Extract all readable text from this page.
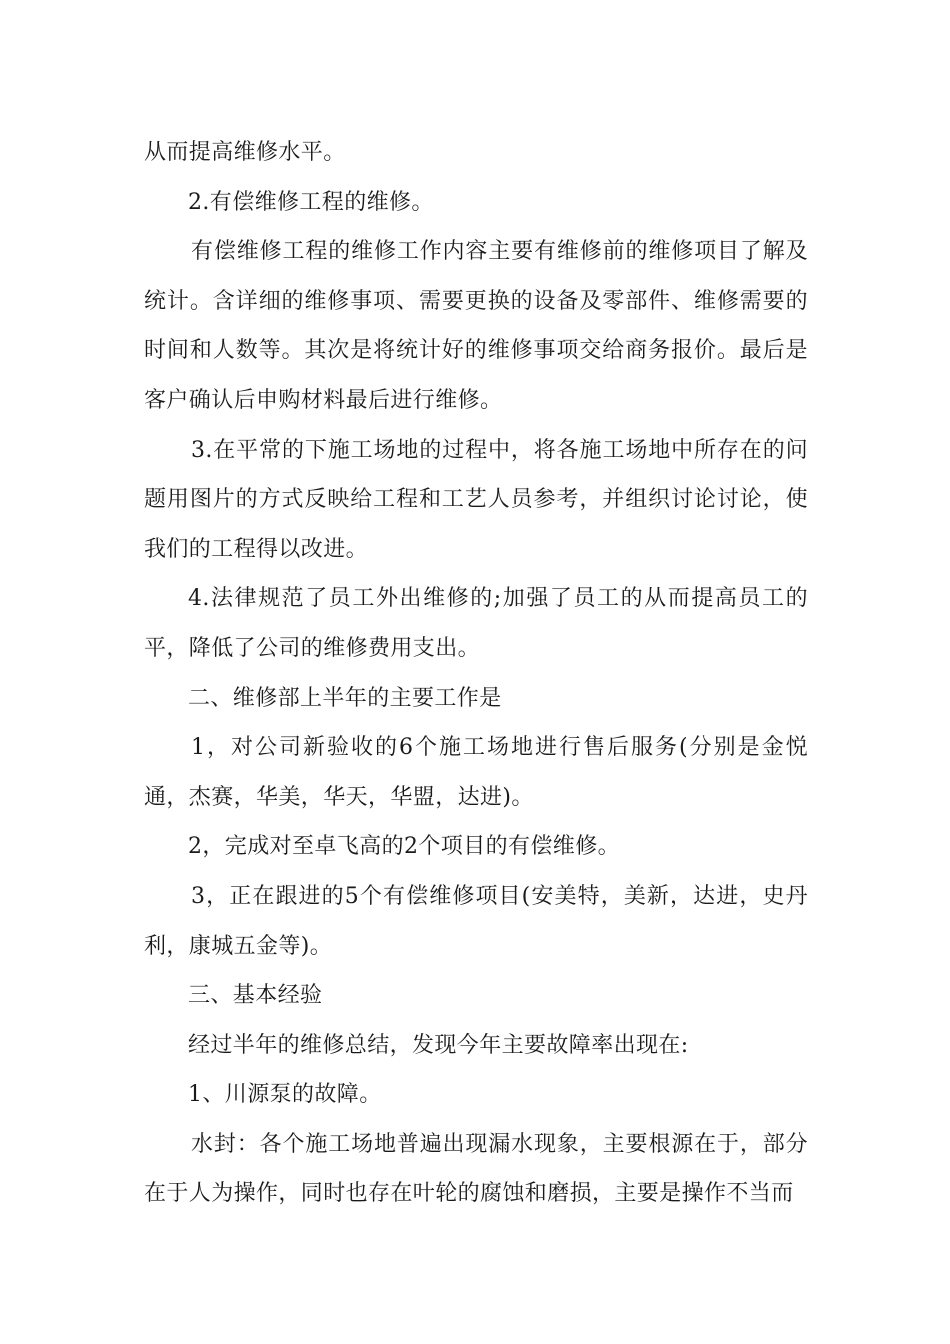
从而提高维修水平。

2.有偿维修工程的维修。

有偿维修工程的维修工作内容主要有维修前的维修项目了解及统计。含详细的维修事项、需要更换的设备及零部件、维修需要的时间和人数等。其次是将统计好的维修事项交给商务报价。最后是客户确认后申购材料最后进行维修。

3.在平常的下施工场地的过程中，将各施工场地中所存在的问题用图片的方式反映给工程和工艺人员参考，并组织讨论讨论，使我们的工程得以改进。

4.法律规范了员工外出维修的;加强了员工的从而提高员工的平，降低了公司的维修费用支出。

二、维修部上半年的主要工作是

1，对公司新验收的6个施工场地进行售后服务(分别是金悦通，杰赛，华美，华天，华盟，达进)。

2，完成对至卓飞高的2个项目的有偿维修。

3，正在跟进的5个有偿维修项目(安美特，美新，达进，史丹利，康城五金等)。

三、基本经验

经过半年的维修总结，发现今年主要故障率出现在:

1、川源泵的故障。

水封：各个施工场地普遍出现漏水现象，主要根源在于，部分在于人为操作，同时也存在叶轮的腐蚀和磨损，主要是操作不当而
